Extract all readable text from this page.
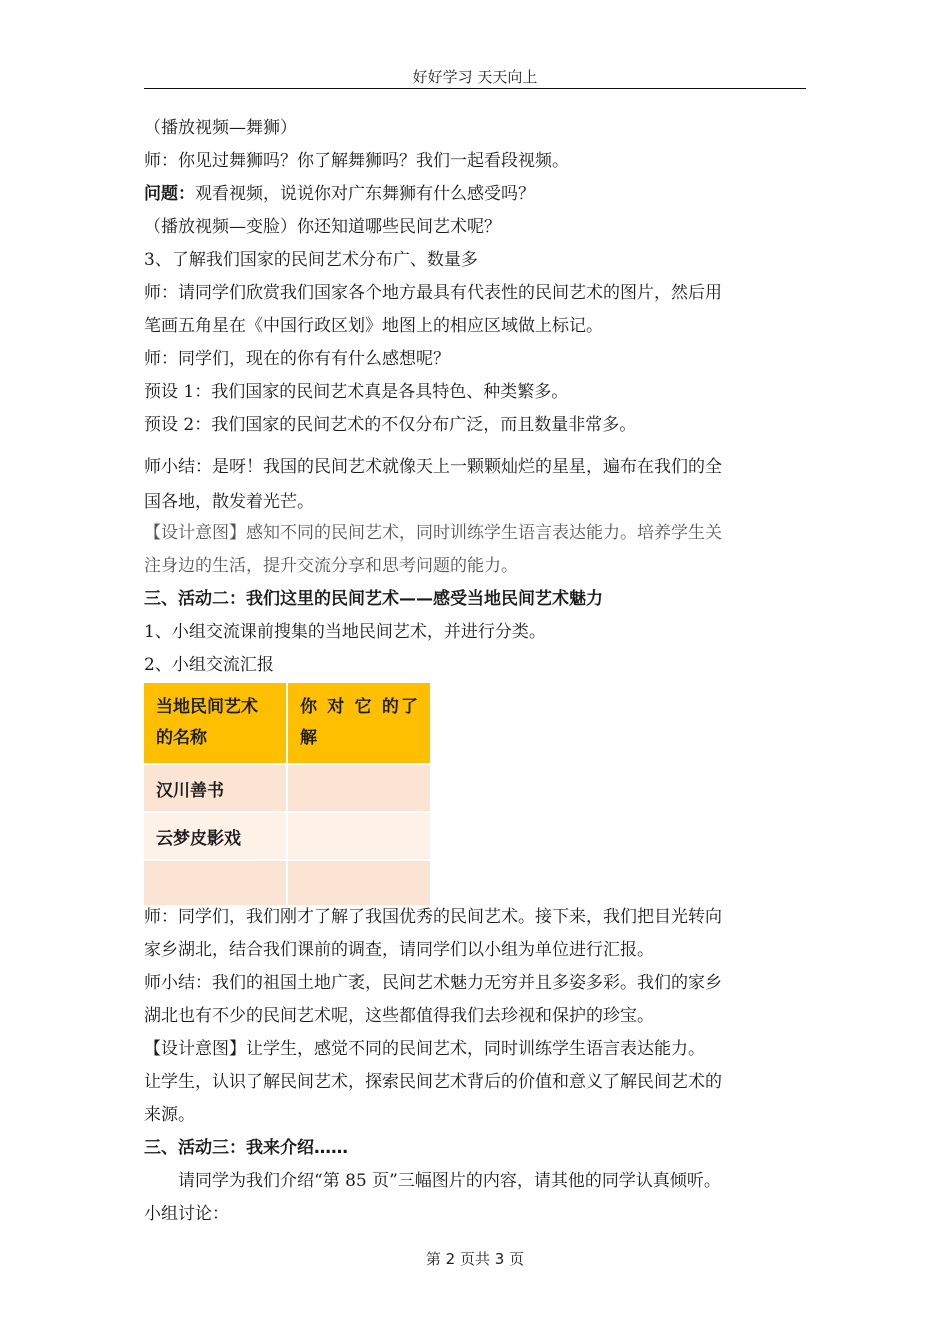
好好学习 天天向上
（播放视频—舞狮）
师：你见过舞狮吗？你了解舞狮吗？我们一起看段视频。
问题：观看视频，说说你对广东舞狮有什么感受吗？
（播放视频—变脸）你还知道哪些民间艺术呢？
3、了解我们国家的民间艺术分布广、数量多
师：请同学们欣赏我们国家各个地方最具有代表性的民间艺术的图片，然后用
笔画五角星在《中国行政区划》地图上的相应区域做上标记。
师：同学们，现在的你有有什么感想呢？
预设 1：我们国家的民间艺术真是各具特色、种类繁多。
预设 2：我们国家的民间艺术的不仅分布广泛，而且数量非常多。
师小结：是呀！我国的民间艺术就像天上一颗颗灿烂的星星，遍布在我们的全
国各地，散发着光芒。
【设计意图】感知不同的民间艺术，同时训练学生语言表达能力。培养学生关
注身边的生活，提升交流分享和思考问题的能力。
三、活动二：我们这里的民间艺术——感受当地民间艺术魅力
1、小组交流课前搜集的当地民间艺术，并进行分类。
2、小组交流汇报
当地民间艺术的名称	你 对 它 的了解
汉川善书	
云梦皮影戏	

师：同学们，我们刚才了解了我国优秀的民间艺术。接下来，我们把目光转向
家乡湖北，结合我们课前的调查，请同学们以小组为单位进行汇报。
师小结：我们的祖国土地广袤，民间艺术魅力无穷并且多姿多彩。我们的家乡
湖北也有不少的民间艺术呢，这些都值得我们去珍视和保护的珍宝。
【设计意图】让学生，感觉不同的民间艺术，同时训练学生语言表达能力。
让学生，认识了解民间艺术，探索民间艺术背后的价值和意义了解民间艺术的
来源。
三、活动三：我来介绍……
请同学为我们介绍“第 85 页”三幅图片的内容，请其他的同学认真倾听。
小组讨论：
第 2 页共 3 页
